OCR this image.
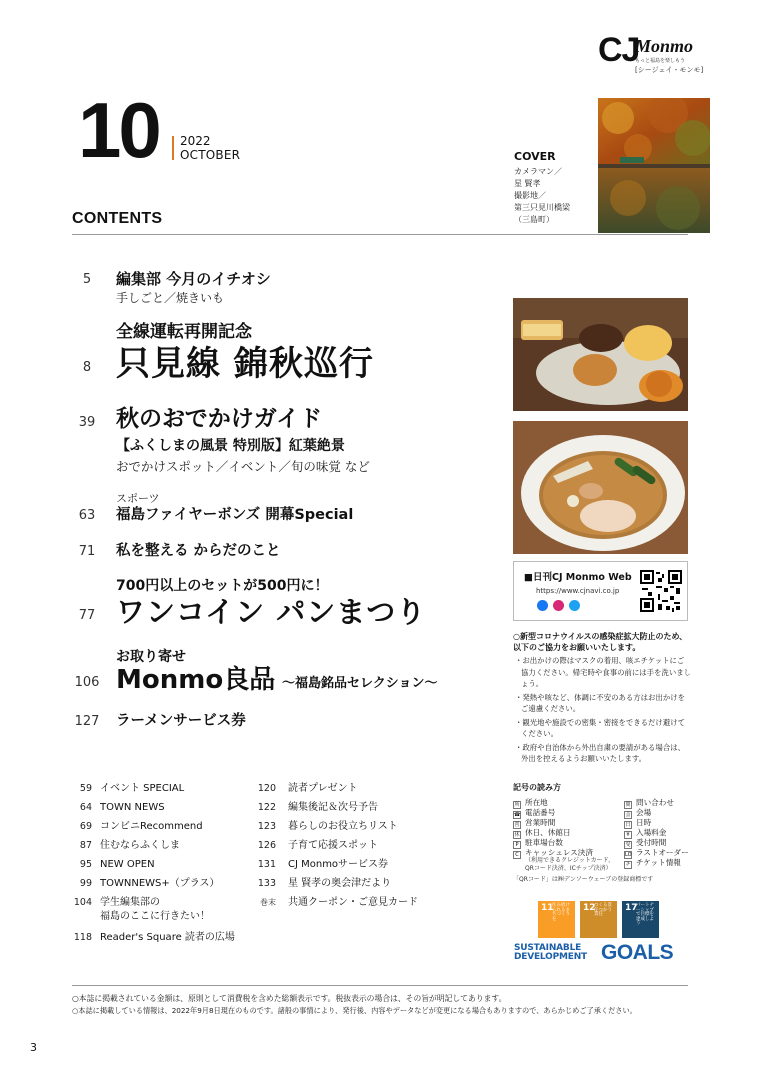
CJ
Monmo
もっと福島を楽しもう
[シージェイ・モンモ]
10 2022
OCTOBER	COVER
カメラマン／
星 賢孝
撮影地／
第三只見川橋梁
（三島町）
CONTENTS
5	編集部 今月のイチオシ
手しごと／焼きいも
全線運転再開記念
8 只見線 錦秋巡行
39 秋のおでかけガイド
【ふくしまの風景 特別版】紅葉絶景
おでかけスポット／イベント／旬の味覚 など
スポーツ
63	福島ファイヤーボンズ 開幕Special
71	私を整える からだのこと
700円以上のセットが500円に！
77 ワンコイン パンまつり
お取り寄せ
106 Monmo良品 ～福島銘品セレクション～
127 ラーメンサービス券
■日刊CJ Monmo Web
https://www.cjnavi.co.jp
○新型コロナウイルスの感染症拡大防止のため、以下のご協力をお願いいたします。
・お出かけの際はマスクの着用、咳エチケットにご協力ください。帰宅時や食事の前には手を洗いましょう。
・発熱や咳など、体調に不安のある方はお出かけをご遠慮ください。
・観光地や施設での密集・密接をできるだけ避けてください。
・政府や自治体から外出自粛の要請がある場合は、外出を控えるようお願いいたします。
記号の読み方
所 所在地
☎ 電話番号
営 営業時間
休 休日、休館日
P 駐車場台数
C キャッシュレス決済
（利用できるクレジットカード、
QRコード決済、ICチップ決済）
問 問い合わせ
会 会場
日 日時
¥ 入場料金
受 受付時間
LO ラストオーダー
チ チケット情報
「QRコード」は㈱デンソーウェーブの登録商標です
11
住み続けられるまちづくりを
12
つくる責任つかう責任
17
パートナーシップで目標を達成しよう
SUSTAINABLE
DEVELOPMENT GOALS
59 イベント SPECIAL
64 TOWN NEWS
69 コンビニRecommend
87 住むならふくしま
95 NEW OPEN
99 TOWNNEWS+（プラス）
104 学生編集部の
福島のここに行きたい！
118 Reader's Square 読者の広場
120 読者プレゼント
122 編集後記＆次号予告
123 暮らしのお役立ちリスト
126 子育て応援スポット
131 CJ Monmoサービス券
133 星 賢孝の奥会津だより
巻末 共通クーポン・ご意見カード
○本誌に掲載されている金額は、原則として消費税を含めた総額表示です。税抜表示の場合は、その旨が明記してあります。
○本誌に掲載している情報は、2022年9月8日現在のものです。諸般の事情により、発行後、内容やデータなどが変更になる場合もありますので、あらかじめご了承ください。
3
